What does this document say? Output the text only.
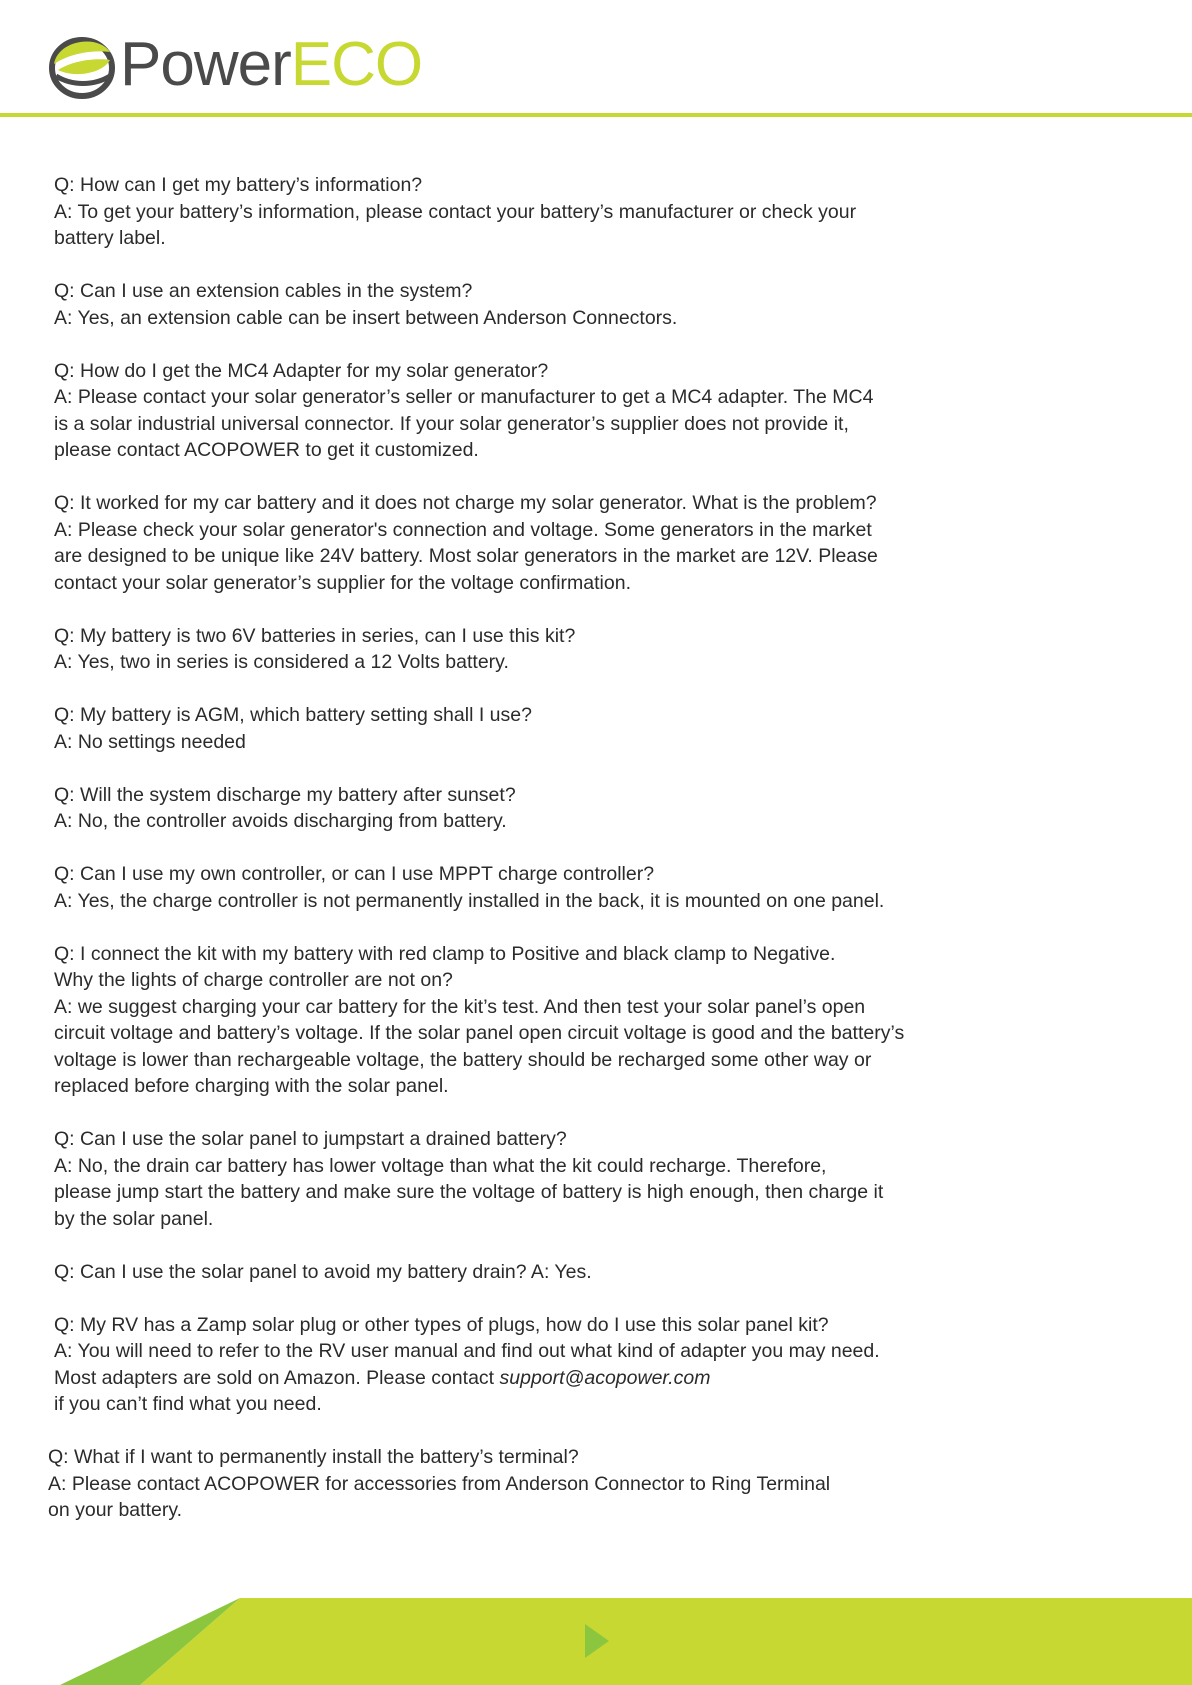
PowerECO

Q: How can I get my battery’s information?

A: To get your battery’s information, please contact your battery’s manufacturer or check your
battery label.

Q: Can I use an extension cables in the system?

A: Yes, an extension cable can be insert between Anderson Connectors.

Q: How do I get the MC4 Adapter for my solar generator?

A: Please contact your solar generator’s seller or manufacturer to get a MC4 adapter. The MC4
is a solar industrial universal connector. If your solar generator’s supplier does not provide it,
please contact ACOPOWER to get it customized.

Q: It worked for my car battery and it does not charge my solar generator. What is the problem?

A: Please check your solar generator's connection and voltage. Some generators in the market
are designed to be unique like 24V battery. Most solar generators in the market are 12V. Please
contact your solar generator’s supplier for the voltage confirmation.

Q: My battery is two 6V batteries in series, can I use this kit?

A: Yes, two in series is considered a 12 Volts battery.

Q: My battery is AGM, which battery setting shall I use?

A: No settings needed

Q: Will the system discharge my battery after sunset?

A: No, the controller avoids discharging from battery.

Q: Can I use my own controller, or can I use MPPT charge controller?

A: Yes, the charge controller is not permanently installed in the back, it is mounted on one panel.

Q: I connect the kit with my battery with red clamp to Positive and black clamp to Negative.
Why the lights of charge controller are not on?

A: we suggest charging your car battery for the kit’s test. And then test your solar panel’s open
circuit voltage and battery’s voltage. If the solar panel open circuit voltage is good and the battery’s
voltage is lower than rechargeable voltage, the battery should be recharged some other way or
replaced before charging with the solar panel.

Q: Can I use the solar panel to jumpstart a drained battery?

A: No, the drain car battery has lower voltage than what the kit could recharge. Therefore,
please jump start the battery and make sure the voltage of battery is high enough, then charge it
by the solar panel.

Q: Can I use the solar panel to avoid my battery drain? A: Yes.

Q: My RV has a Zamp solar plug or other types of plugs, how do I use this solar panel kit?

A: You will need to refer to the RV user manual and find out what kind of adapter you may need.
Most adapters are sold on Amazon. Please contact support@acopower.com
if you can’t find what you need.

Q: What if I want to permanently install the battery’s terminal?

A: Please contact ACOPOWER for accessories from Anderson Connector to Ring Terminal
on your battery.
